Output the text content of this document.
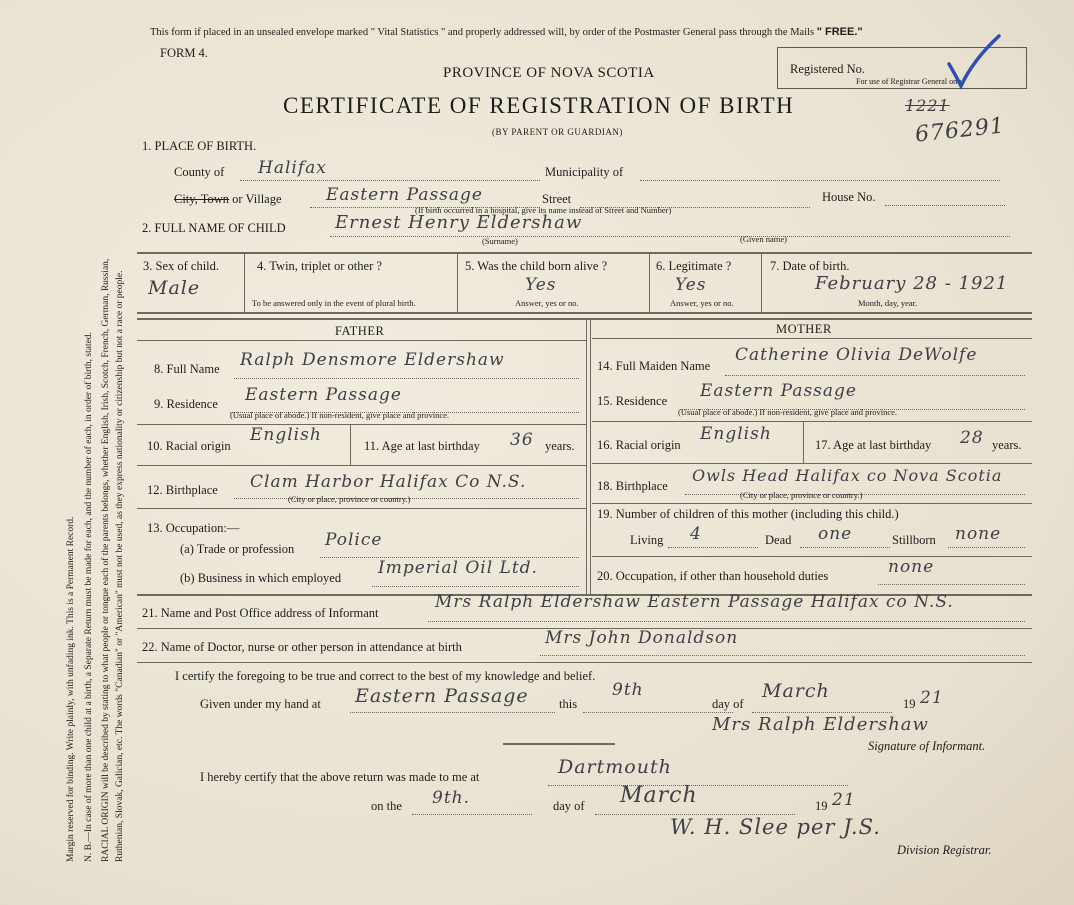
Margin reserved for binding. Write plainly, with unfading ink. This is a Permanent Record. N. B.—In case of more than one child at a birth, a Separate Return must be made for each, and the number of each, in order of birth, stated. RACIAL ORIGIN will be described by stating to what people or tongue each of the parents belongs, whether English, Irish, Scotch, French, German, Russian, Ruthenian, Slovak, Galician, etc. The words "Canadian" or "American" must not be used, as they express nationality or citizenship but not a race or people.
This form if placed in an unsealed envelope marked " Vital Statistics " and properly addressed will, by order of the Postmaster General pass through the Mails " FREE."
FORM 4.
PROVINCE OF NOVA SCOTIA
CERTIFICATE OF REGISTRATION OF BIRTH
(BY PARENT OR GUARDIAN)
Registered No.
For use of Registrar General only
1221
676291
1. PLACE OF BIRTH.
County of Halifax	Municipality of
City, Town or Village	Eastern Passage	Street	House No.
(If birth occurred in a hospital, give its name instead of Street and Number)
2. FULL NAME OF CHILD	Ernest Henry Eldershaw
(Surname)	(Given name)
3. Sex of child.
Male
4. Twin, triplet or other ?
To be answered only in the event of plural birth.
5. Was the child born alive ?
Yes
Answer, yes or no.
6. Legitimate ?
Yes
Answer, yes or no.
7. Date of birth.
February 28 - 1921
Month, day, year.
FATHER	MOTHER
8. Full Name Ralph Densmore Eldershaw
9. Residence Eastern Passage
(Usual place of abode.) If non-resident, give place and province.
10. Racial origin
English
11. Age at last birthday 36 years.
12. Birthplace Clam Harbor Halifax Co N.S.
(City or place, province or country.)
13. Occupation:—
(a) Trade or profession Police
(b) Business in which employed Imperial Oil Ltd.
14. Full Maiden Name
Catherine Olivia DeWolfe
15. Residence Eastern Passage
(Usual place of abode.) If non-resident, give place and province.
16. Racial origin
English
17. Age at last birthday 28 years.
18. Birthplace
Owls Head Halifax co Nova Scotia
(City or place, province or country.)
19. Number of children of this mother (including this child.)
Living 4	Dead one	Stillborn none
20. Occupation, if other than household duties	none
21. Name and Post Office address of Informant
Mrs Ralph Eldershaw Eastern Passage Halifax co N.S.
22. Name of Doctor, nurse or other person in attendance at birth	Mrs John Donaldson
I certify the foregoing to be true and correct to the best of my knowledge and belief.
Given under my hand at Eastern Passage this
9th
day of
March
19 21
Mrs Ralph Eldershaw
Signature of Informant.
I hereby certify that the above return was made to me at	Dartmouth
on the 9th.	day of March	19 21
W. H. Slee per J.S.
Division Registrar.
